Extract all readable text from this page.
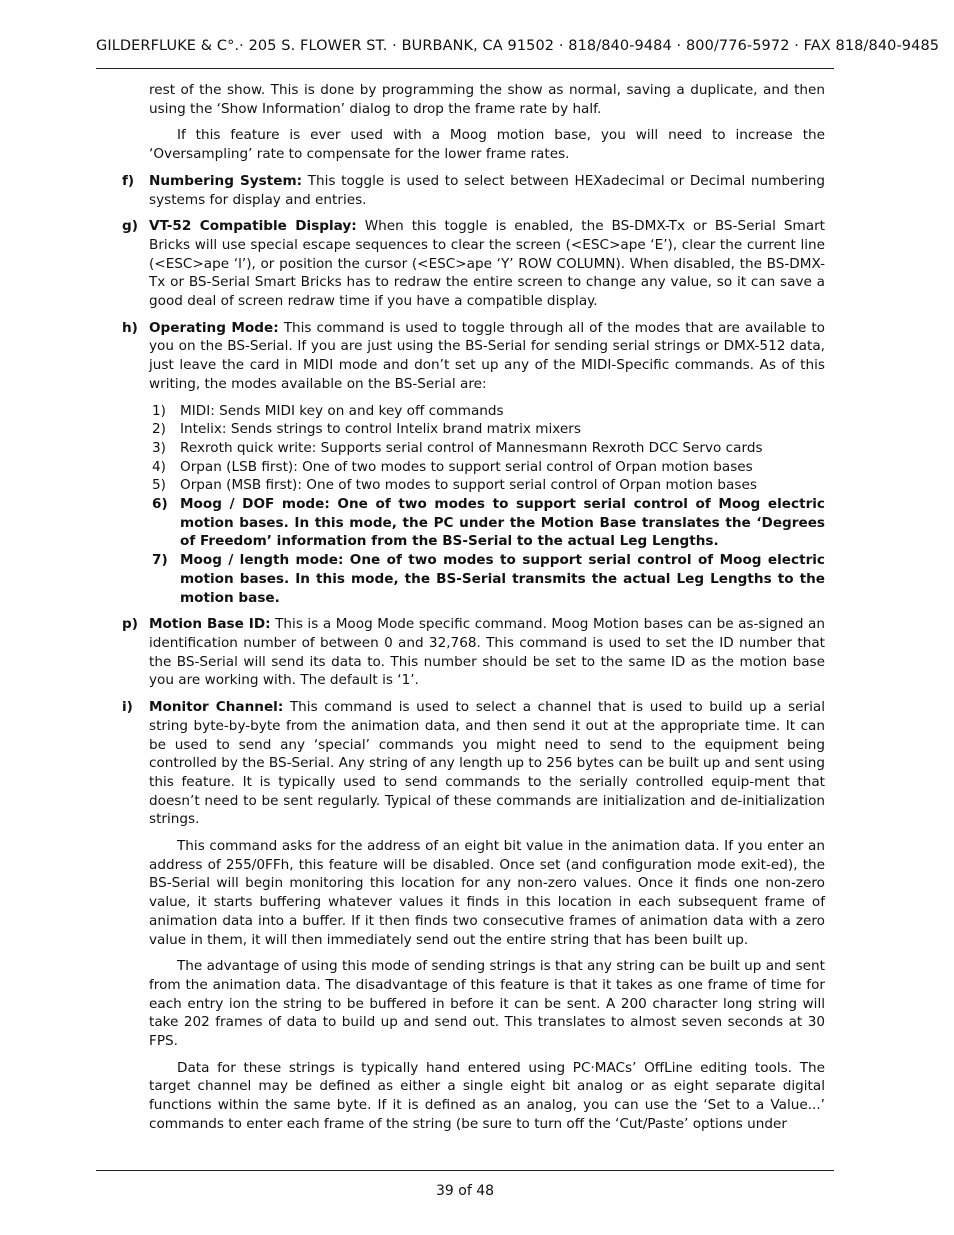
GILDERFLUKE & C°.· 205 S. FLOWER ST. · BURBANK, CA 91502 · 818/840-9484 · 800/776-5972 · FAX 818/840-9485

rest of the show. This is done by programming the show as normal, saving a duplicate, and then using the ‘Show Information’ dialog to drop the frame rate by half.

If this feature is ever used with a Moog motion base, you will need to increase the ‘Oversampling’ rate to compensate for the lower frame rates.

f) Numbering System: This toggle is used to select between HEXadecimal or Decimal numbering systems for display and entries.
g) VT-52 Compatible Display: When this toggle is enabled, the BS-DMX-Tx or BS-Serial Smart Bricks will use special escape sequences to clear the screen (<ESC>ape ‘E’), clear the current line (<ESC>ape ‘l’), or position the cursor (<ESC>ape ‘Y’ ROW COLUMN). When disabled, the BS-DMX-Tx or BS-Serial Smart Bricks has to redraw the entire screen to change any value, so it can save a good deal of screen redraw time if you have a compatible display.
h) Operating Mode: This command is used to toggle through all of the modes that are available to you on the BS-Serial. If you are just using the BS-Serial for sending serial strings or DMX-512 data, just leave the card in MIDI mode and don’t set up any of the MIDI-Specific commands. As of this writing, the modes available on the BS-Serial are:
1) MIDI: Sends MIDI key on and key off commands
2) Intelix: Sends strings to control Intelix brand matrix mixers
3) Rexroth quick write: Supports serial control of Mannesmann Rexroth DCC Servo cards
4) Orpan (LSB first): One of two modes to support serial control of Orpan motion bases
5) Orpan (MSB first): One of two modes to support serial control of Orpan motion bases
6) Moog / DOF mode: One of two modes to support serial control of Moog electric motion bases. In this mode, the PC under the Motion Base translates the ‘Degrees of Freedom’ information from the BS-Serial to the actual Leg Lengths.
7) Moog / length mode: One of two modes to support serial control of Moog electric motion bases. In this mode, the BS-Serial transmits the actual Leg Lengths to the motion base.
p) Motion Base ID: This is a Moog Mode specific command. Moog Motion bases can be as-signed an identification number of between 0 and 32,768. This command is used to set the ID number that the BS-Serial will send its data to. This number should be set to the same ID as the motion base you are working with. The default is ‘1’.
i) Monitor Channel: This command is used to select a channel that is used to build up a serial string byte-by-byte from the animation data, and then send it out at the appropriate time. It can be used to send any ‘special’ commands you might need to send to the equipment being controlled by the BS-Serial. Any string of any length up to 256 bytes can be built up and sent using this feature. It is typically used to send commands to the serially controlled equip-ment that doesn’t need to be sent regularly. Typical of these commands are initialization and de-initialization strings.

This command asks for the address of an eight bit value in the animation data. If you enter an address of 255/0FFh, this feature will be disabled. Once set (and configuration mode exit-ed), the BS-Serial will begin monitoring this location for any non-zero values. Once it finds one non-zero value, it starts buffering whatever values it finds in this location in each subsequent frame of animation data into a buffer. If it then finds two consecutive frames of animation data with a zero value in them, it will then immediately send out the entire string that has been built up.

The advantage of using this mode of sending strings is that any string can be built up and sent from the animation data. The disadvantage of this feature is that it takes as one frame of time for each entry ion the string to be buffered in before it can be sent. A 200 character long string will take 202 frames of data to build up and send out. This translates to almost seven seconds at 30 FPS.

Data for these strings is typically hand entered using PC·MACs’ OffLine editing tools. The target channel may be defined as either a single eight bit analog or as eight separate digital functions within the same byte. If it is defined as an analog, you can use the ‘Set to a Value...’ commands to enter each frame of the string (be sure to turn off the ‘Cut/Paste’ options under

39 of 48
